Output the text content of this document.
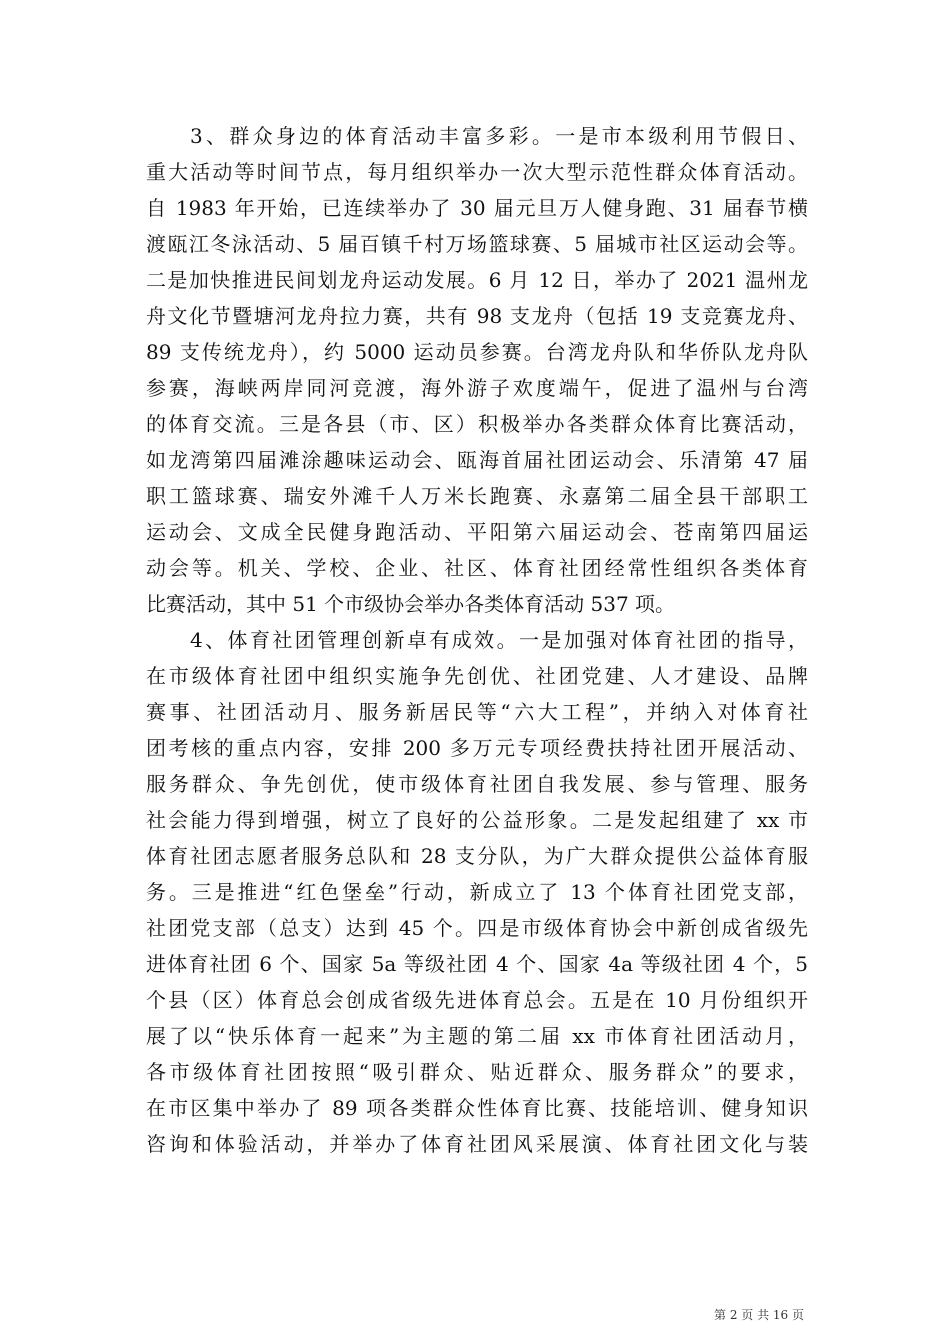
3、群众身边的体育活动丰富多彩。一是市本级利用节假日、
重大活动等时间节点，每月组织举办一次大型示范性群众体育活动。
自 1983 年开始，已连续举办了 30 届元旦万人健身跑、31 届春节横
渡瓯江冬泳活动、5 届百镇千村万场篮球赛、5 届城市社区运动会等。
二是加快推进民间划龙舟运动发展。6 月 12 日，举办了 2021 温州龙
舟文化节暨塘河龙舟拉力赛，共有 98 支龙舟（包括 19 支竞赛龙舟、
89 支传统龙舟），约 5000 运动员参赛。台湾龙舟队和华侨队龙舟队
参赛，海峡两岸同河竞渡，海外游子欢度端午，促进了温州与台湾
的体育交流。三是各县（市、区）积极举办各类群众体育比赛活动，
如龙湾第四届滩涂趣味运动会、瓯海首届社团运动会、乐清第 47 届
职工篮球赛、瑞安外滩千人万米长跑赛、永嘉第二届全县干部职工
运动会、文成全民健身跑活动、平阳第六届运动会、苍南第四届运
动会等。机关、学校、企业、社区、体育社团经常性组织各类体育
比赛活动，其中 51 个市级协会举办各类体育活动 537 项。
4、体育社团管理创新卓有成效。一是加强对体育社团的指导，
在市级体育社团中组织实施争先创优、社团党建、人才建设、品牌
赛事、社团活动月、服务新居民等“六大工程”，并纳入对体育社
团考核的重点内容，安排 200 多万元专项经费扶持社团开展活动、
服务群众、争先创优，使市级体育社团自我发展、参与管理、服务
社会能力得到增强，树立了良好的公益形象。二是发起组建了 xx 市
体育社团志愿者服务总队和 28 支分队，为广大群众提供公益体育服
务。三是推进“红色堡垒”行动，新成立了 13 个体育社团党支部，
社团党支部（总支）达到 45 个。四是市级体育协会中新创成省级先
进体育社团 6 个、国家 5a 等级社团 4 个、国家 4a 等级社团 4 个，5
个县（区）体育总会创成省级先进体育总会。五是在 10 月份组织开
展了以“快乐体育一起来”为主题的第二届 xx 市体育社团活动月，
各市级体育社团按照“吸引群众、贴近群众、服务群众”的要求，
在市区集中举办了 89 项各类群众性体育比赛、技能培训、健身知识
咨询和体验活动，并举办了体育社团风采展演、体育社团文化与装
第 2 页 共 16 页
